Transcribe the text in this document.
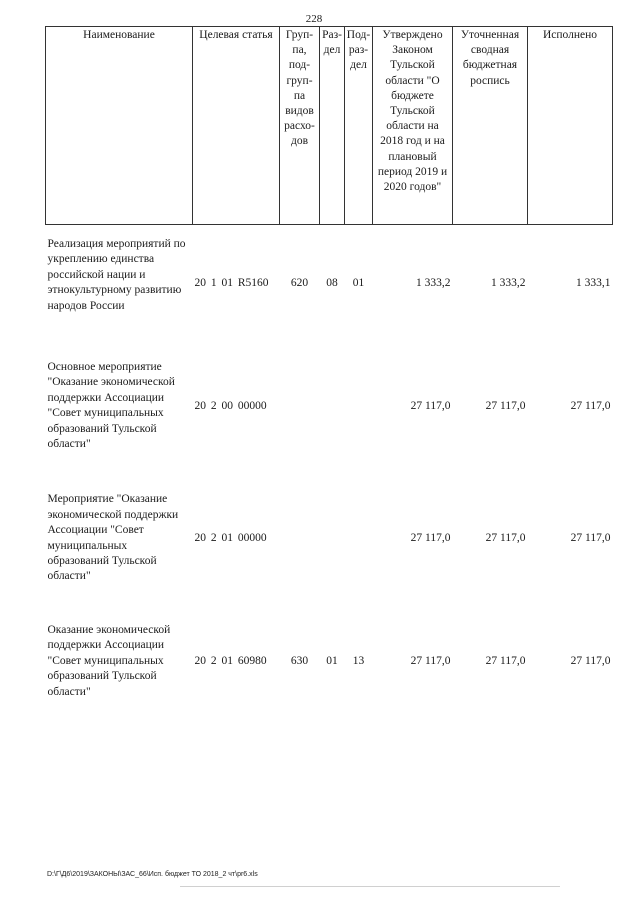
228
Наименование	Целевая статья	Груп-па, под-груп-па видов расхо-дов	Раз-дел	Под-раз-дел	Утверждено Законом Тульской области "О бюджете Тульской области на 2018 год и на плановый период 2019 и 2020 годов"	Уточненная сводная бюджетная роспись	Исполнено
Реализация мероприятий по укреплению единства российской нации и этнокультурному развитию народов России	20 1 01 R5160	620	08	01	1 333,2	1 333,2	1 333,1

Основное мероприятие "Оказание экономической поддержки Ассоциации "Совет муниципальных образований Тульской области"	20 2 00 00000				27 117,0	27 117,0	27 117,0

Мероприятие "Оказание экономической поддержки Ассоциации "Совет муниципальных образований Тульской области"	20 2 01 00000				27 117,0	27 117,0	27 117,0

Оказание экономической поддержки Ассоциации "Совет муниципальных образований Тульской области"	20 2 01 60980	630	01	13	27 117,0	27 117,0	27 117,0
D:\Г\Д6\2019\ЗАКОНЫ\ЗАС_66\Исп. бюджет ТО 2018_2 чт\pr6.xls
